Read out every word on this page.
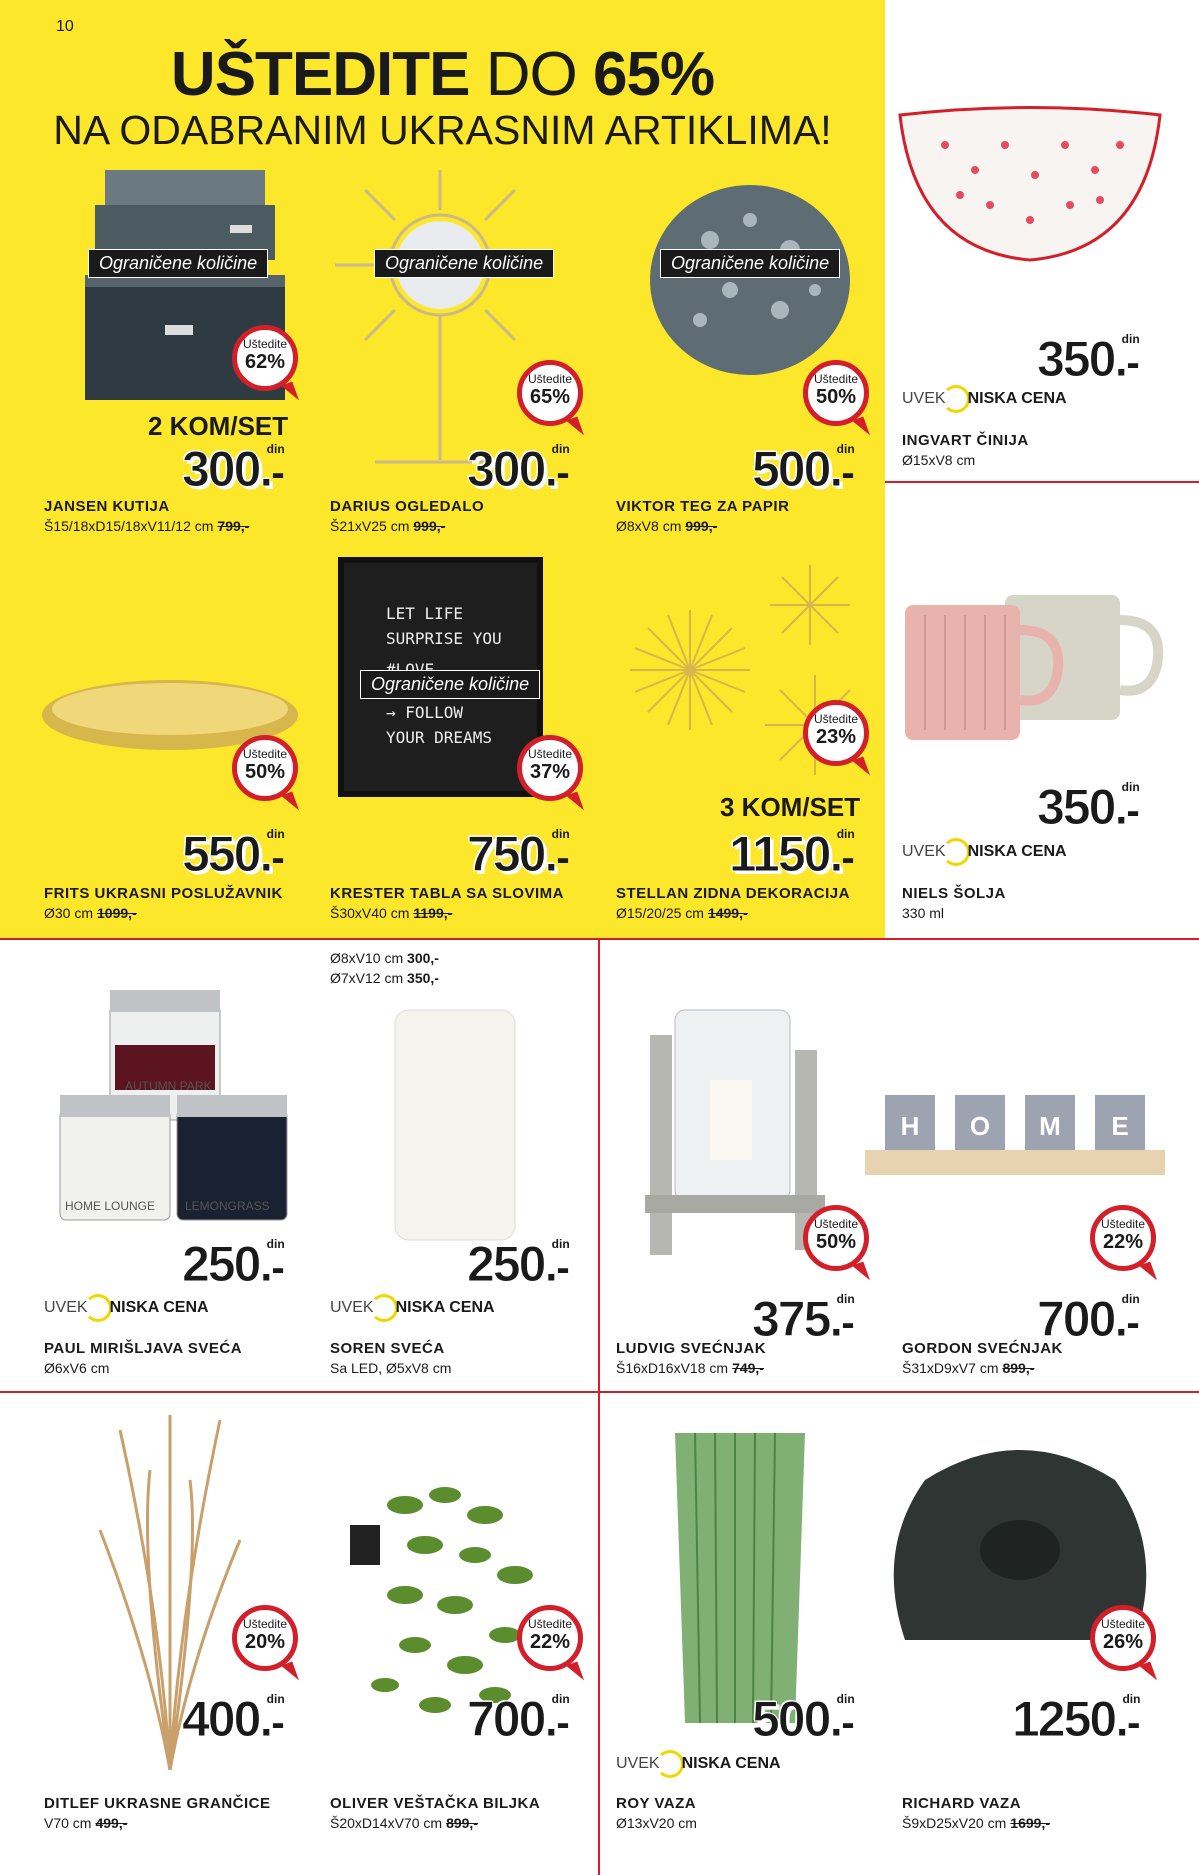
10
UŠTEDITE DO 65%
NA ODABRANIM UKRASNIM ARTIKLIMA!
LET LIFE
SURPRISE YOU
→ FOLLOW
YOUR DREAMS
AUTUMN PARK
HOME LOUNGE LEMONGRASS
H O M E
Ograničene količine	Ograničene količine	Ograničene količine
Ograničene količine
JANSEN KUTIJA
Š15/18xD15/18xV11/12 cm 799,-
300.-
din
Uštedite
62%
2 KOM/SET
DARIUS OGLEDALO
Š21xV25 cm 999,-
300.-
din
Uštedite
65%
VIKTOR TEG ZA PAPIR
Ø8xV8 cm 999,-
500.-
din
Uštedite
50%
INGVART ČINIJA
Ø15xV8 cm
350.-
din
UVEK NISKA CENA
FRITS UKRASNI POSLUŽAVNIK
Ø30 cm 1099,-
550.-
din
Uštedite
50%
KRESTER TABLA SA SLOVIMA
Š30xV40 cm 1199,-
750.-
din
Uštedite
37%
STELLAN ZIDNA DEKORACIJA
Ø15/20/25 cm 1499,-
1150.-
din
Uštedite
23%
3 KOM/SET
NIELS ŠOLJA
330 ml
350.-
din
UVEK NISKA CENA
PAUL MIRIŠLJAVA SVEĆA
Ø6xV6 cm
250.-
din
UVEK NISKA CENA
SOREN SVEĆA
Sa LED, Ø5xV8 cm
250.-
din
UVEK NISKA CENA
Ø8xV10 cm 300,-
Ø7xV12 cm 350,-
LUDVIG SVEĆNJAK
Š16xD16xV18 cm 749,-
375.-
din
Uštedite
50%
GORDON SVEĆNJAK
Š31xD9xV7 cm 899,-
700.-
din
Uštedite
22%
DITLEF UKRASNE GRANČICE
V70 cm 499,-
400.-
din
Uštedite
20%
OLIVER VEŠTAČKA BILJKA
Š20xD14xV70 cm 899,-
700.-
din
Uštedite
22%
ROY VAZA
Ø13xV20 cm
500.-
din
UVEK NISKA CENA
RICHARD VAZA
Š9xD25xV20 cm 1699,-
1250.-
din
Uštedite
26%
